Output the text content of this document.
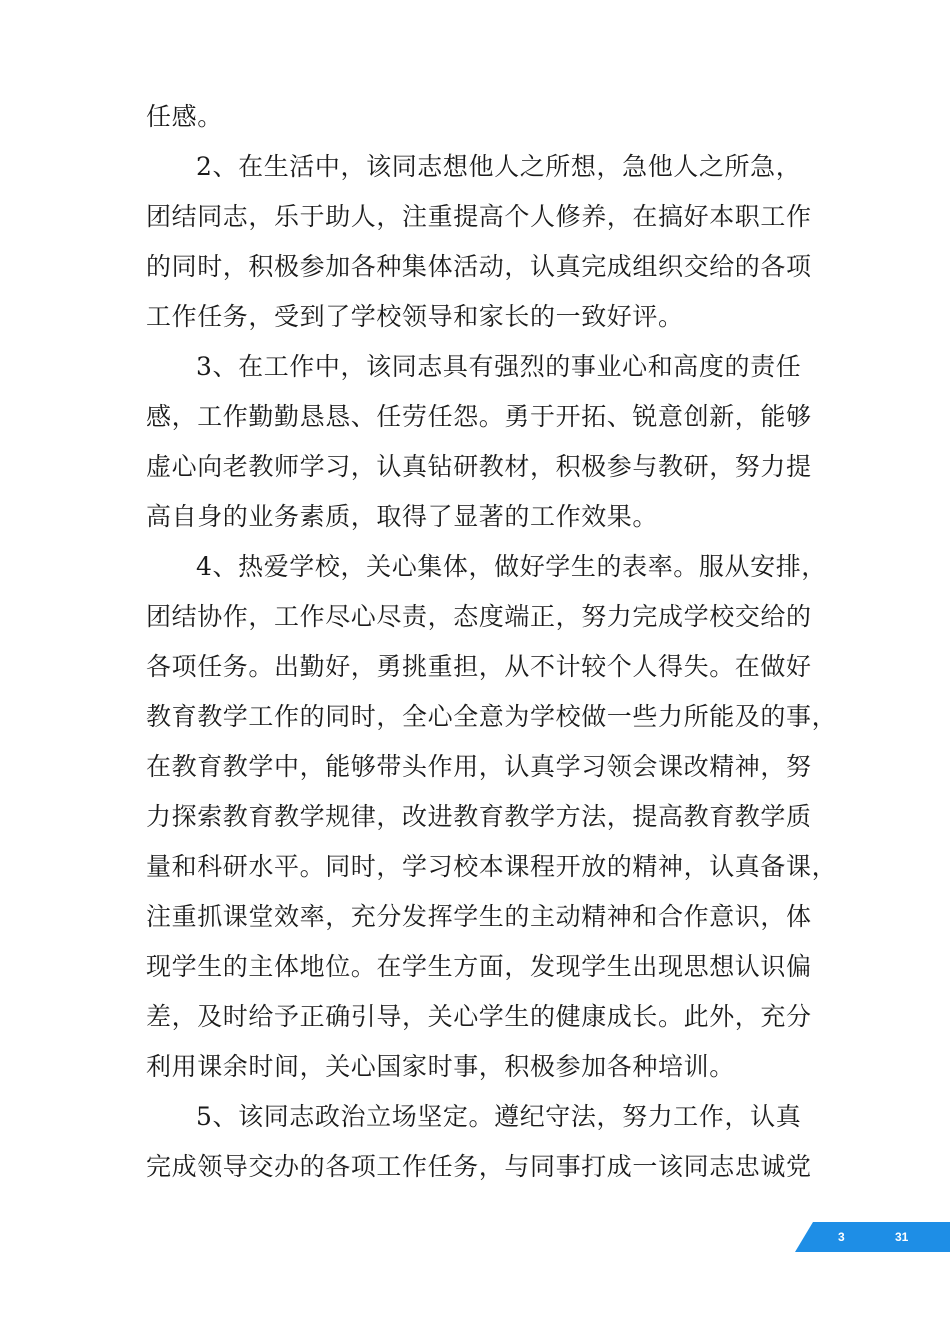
任感。
2、在生活中，该同志想他人之所想，急他人之所急，
团结同志，乐于助人，注重提高个人修养，在搞好本职工作
的同时，积极参加各种集体活动，认真完成组织交给的各项
工作任务，受到了学校领导和家长的一致好评。
3、在工作中，该同志具有强烈的事业心和高度的责任
感，工作勤勤恳恳、任劳任怨。勇于开拓、锐意创新，能够
虚心向老教师学习，认真钻研教材，积极参与教研，努力提
高自身的业务素质，取得了显著的工作效果。
4、热爱学校，关心集体，做好学生的表率。服从安排，
团结协作，工作尽心尽责，态度端正，努力完成学校交给的
各项任务。出勤好，勇挑重担，从不计较个人得失。在做好
教育教学工作的同时，全心全意为学校做一些力所能及的事，
在教育教学中，能够带头作用，认真学习领会课改精神，努
力探索教育教学规律，改进教育教学方法，提高教育教学质
量和科研水平。同时，学习校本课程开放的精神，认真备课，
注重抓课堂效率，充分发挥学生的主动精神和合作意识，体
现学生的主体地位。在学生方面，发现学生出现思想认识偏
差，及时给予正确引导，关心学生的健康成长。此外，充分
利用课余时间，关心国家时事，积极参加各种培训。
5、该同志政治立场坚定。遵纪守法，努力工作，认真
完成领导交办的各项工作任务，与同事打成一该同志忠诚党
3	31
